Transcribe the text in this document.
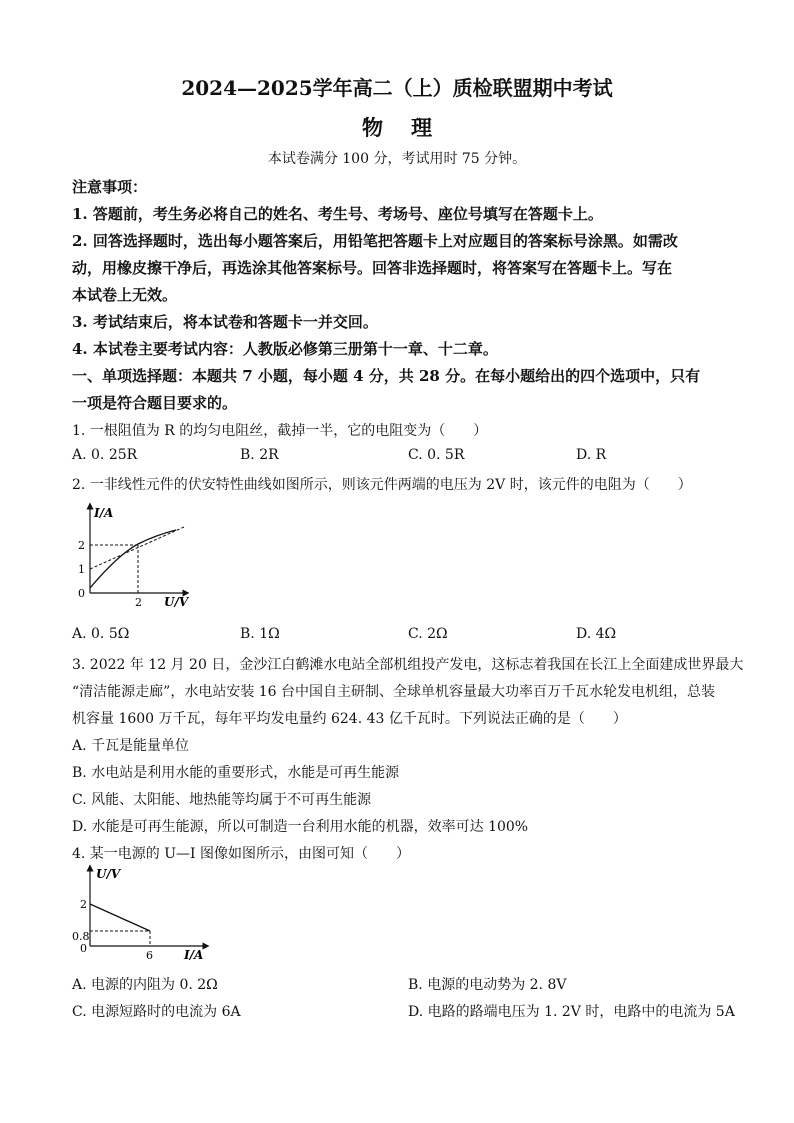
2024—2025学年高二（上）质检联盟期中考试
物理
本试卷满分 100 分，考试用时 75 分钟。
注意事项：
1. 答题前，考生务必将自己的姓名、考生号、考场号、座位号填写在答题卡上。
2. 回答选择题时，选出每小题答案后，用铅笔把答题卡上对应题目的答案标号涂黑。如需改
动，用橡皮擦干净后，再选涂其他答案标号。回答非选择题时，将答案写在答题卡上。写在
本试卷上无效。
3. 考试结束后，将本试卷和答题卡一并交回。
4. 本试卷主要考试内容：人教版必修第三册第十一章、十二章。
一、单项选择题：本题共 7 小题，每小题 4 分，共 28 分。在每小题给出的四个选项中，只有
一项是符合题目要求的。
1. 一根阻值为 R 的均匀电阻丝，截掉一半，它的电阻变为（　　）
A. 0. 25R	B. 2R	C. 0. 5R	D. R
2. 一非线性元件的伏安特性曲线如图所示，则该元件两端的电压为 2V 时，该元件的电阻为（　　）
I/A
U/V
0
1
2
2
A. 0. 5Ω	B. 1Ω	C. 2Ω	D. 4Ω
3. 2022 年 12 月 20 日，金沙江白鹤滩水电站全部机组投产发电，这标志着我国在长江上全面建成世界最大
“清洁能源走廊”，水电站安装 16 台中国自主研制、全球单机容量最大功率百万千瓦水轮发电机组，总装
机容量 1600 万千瓦，每年平均发电量约 624. 43 亿千瓦时。下列说法正确的是（　　）
A. 千瓦是能量单位
B. 水电站是利用水能的重要形式，水能是可再生能源
C. 风能、太阳能、地热能等均属于不可再生能源
D. 水能是可再生能源，所以可制造一台利用水能的机器，效率可达 100%
4. 某一电源的 U—I 图像如图所示，由图可知（　　）
U/V
I/A
0
2
0.8
6
A. 电源的内阻为 0. 2Ω	B. 电源的电动势为 2. 8V
C. 电源短路时的电流为 6A	D. 电路的路端电压为 1. 2V 时，电路中的电流为 5A
